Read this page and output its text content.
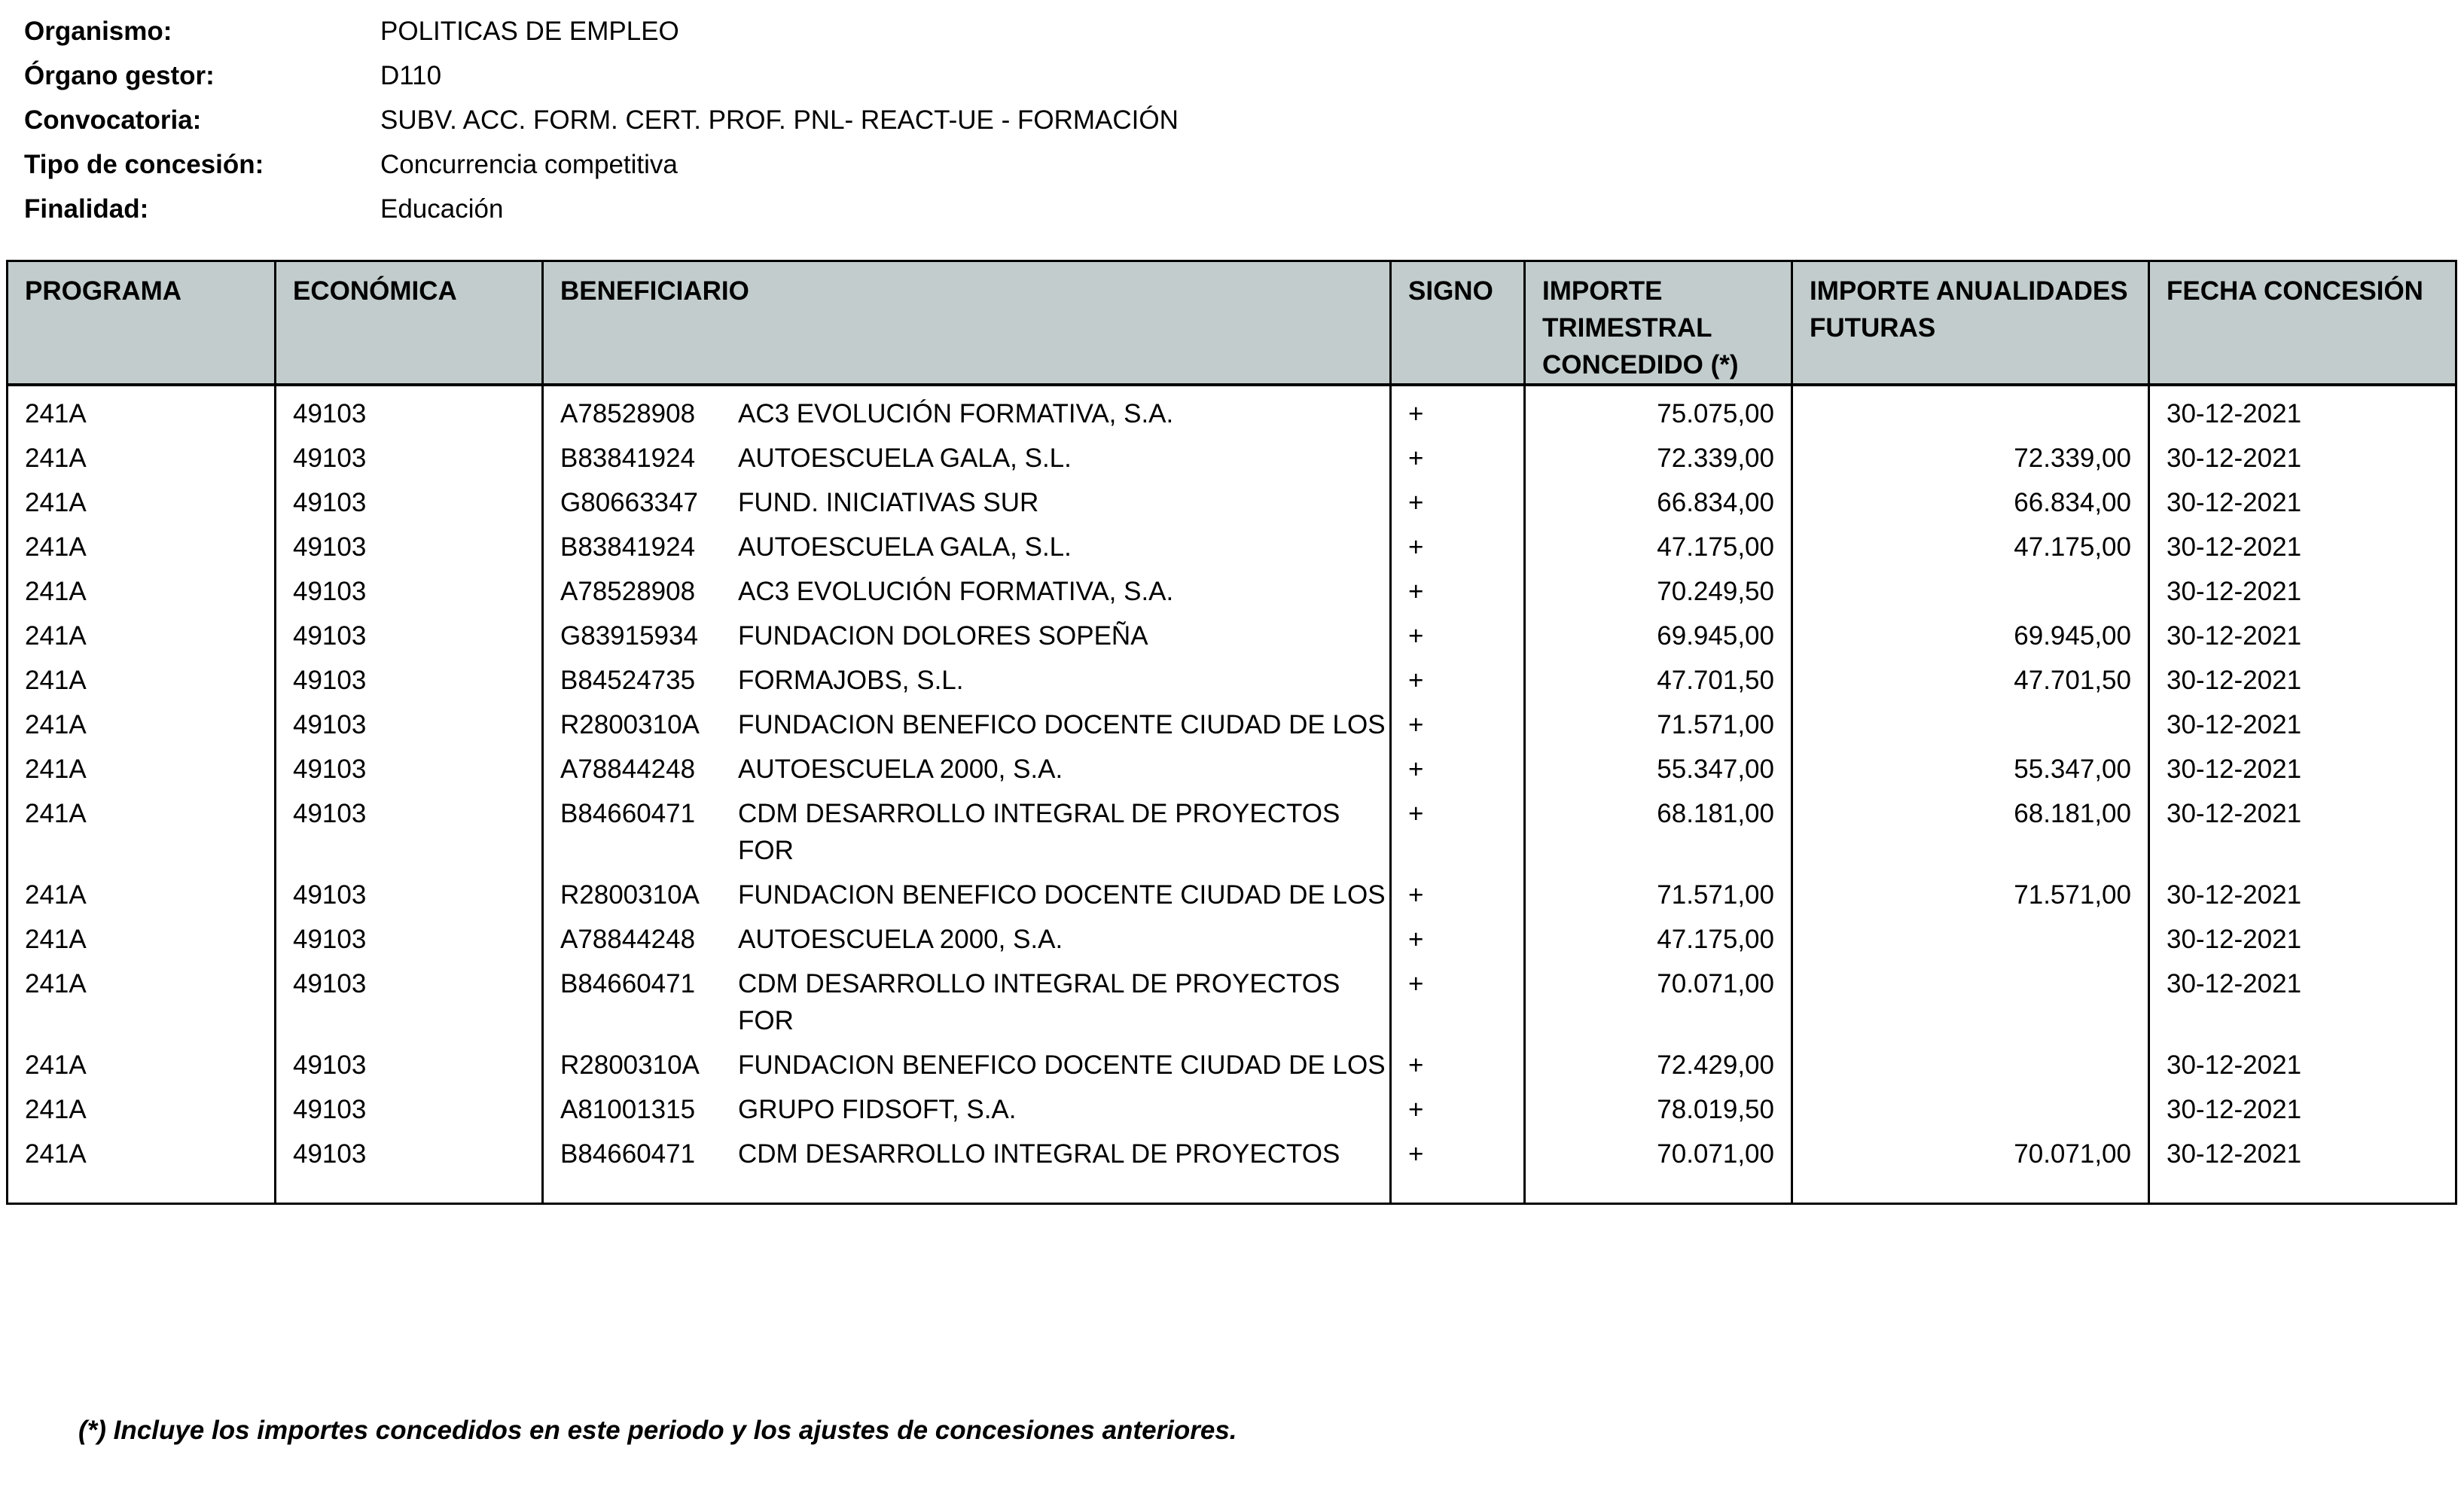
Organismo:	POLITICAS DE EMPLEO
Órgano gestor:	D110
Convocatoria:	SUBV. ACC. FORM. CERT. PROF. PNL- REACT-UE - FORMACIÓN
Tipo de concesión:	Concurrencia competitiva
Finalidad:	Educación
PROGRAMA	ECONÓMICA	BENEFICIARIO	SIGNO	IMPORTE TRIMESTRAL CONCEDIDO (*)	IMPORTE ANUALIDADES FUTURAS	FECHA CONCESIÓN
241A	49103	A78528908 AC3 EVOLUCIÓN FORMATIVA, S.A.	+	75.075,00		30-12-2021
241A	49103	B83841924 AUTOESCUELA GALA, S.L.	+	72.339,00	72.339,00	30-12-2021
241A	49103	G80663347 FUND. INICIATIVAS SUR	+	66.834,00	66.834,00	30-12-2021
241A	49103	B83841924 AUTOESCUELA GALA, S.L.	+	47.175,00	47.175,00	30-12-2021
241A	49103	A78528908 AC3 EVOLUCIÓN FORMATIVA, S.A.	+	70.249,50		30-12-2021
241A	49103	G83915934 FUNDACION DOLORES SOPEÑA	+	69.945,00	69.945,00	30-12-2021
241A	49103	B84524735 FORMAJOBS, S.L.	+	47.701,50	47.701,50	30-12-2021
241A	49103	R2800310A FUNDACION BENEFICO DOCENTE CIUDAD DE LOS	+	71.571,00		30-12-2021
241A	49103	A78844248 AUTOESCUELA 2000, S.A.	+	55.347,00	55.347,00	30-12-2021
241A	49103	B84660471 CDM DESARROLLO INTEGRAL DE PROYECTOS FOR	+	68.181,00	68.181,00	30-12-2021
241A	49103	R2800310A FUNDACION BENEFICO DOCENTE CIUDAD DE LOS	+	71.571,00	71.571,00	30-12-2021
241A	49103	A78844248 AUTOESCUELA 2000, S.A.	+	47.175,00		30-12-2021
241A	49103	B84660471 CDM DESARROLLO INTEGRAL DE PROYECTOS FOR	+	70.071,00		30-12-2021
241A	49103	R2800310A FUNDACION BENEFICO DOCENTE CIUDAD DE LOS	+	72.429,00		30-12-2021
241A	49103	A81001315 GRUPO FIDSOFT, S.A.	+	78.019,50		30-12-2021
241A	49103	B84660471 CDM DESARROLLO INTEGRAL DE PROYECTOS	+	70.071,00	70.071,00	30-12-2021

(*) Incluye los importes concedidos en este periodo y los ajustes de concesiones anteriores.
